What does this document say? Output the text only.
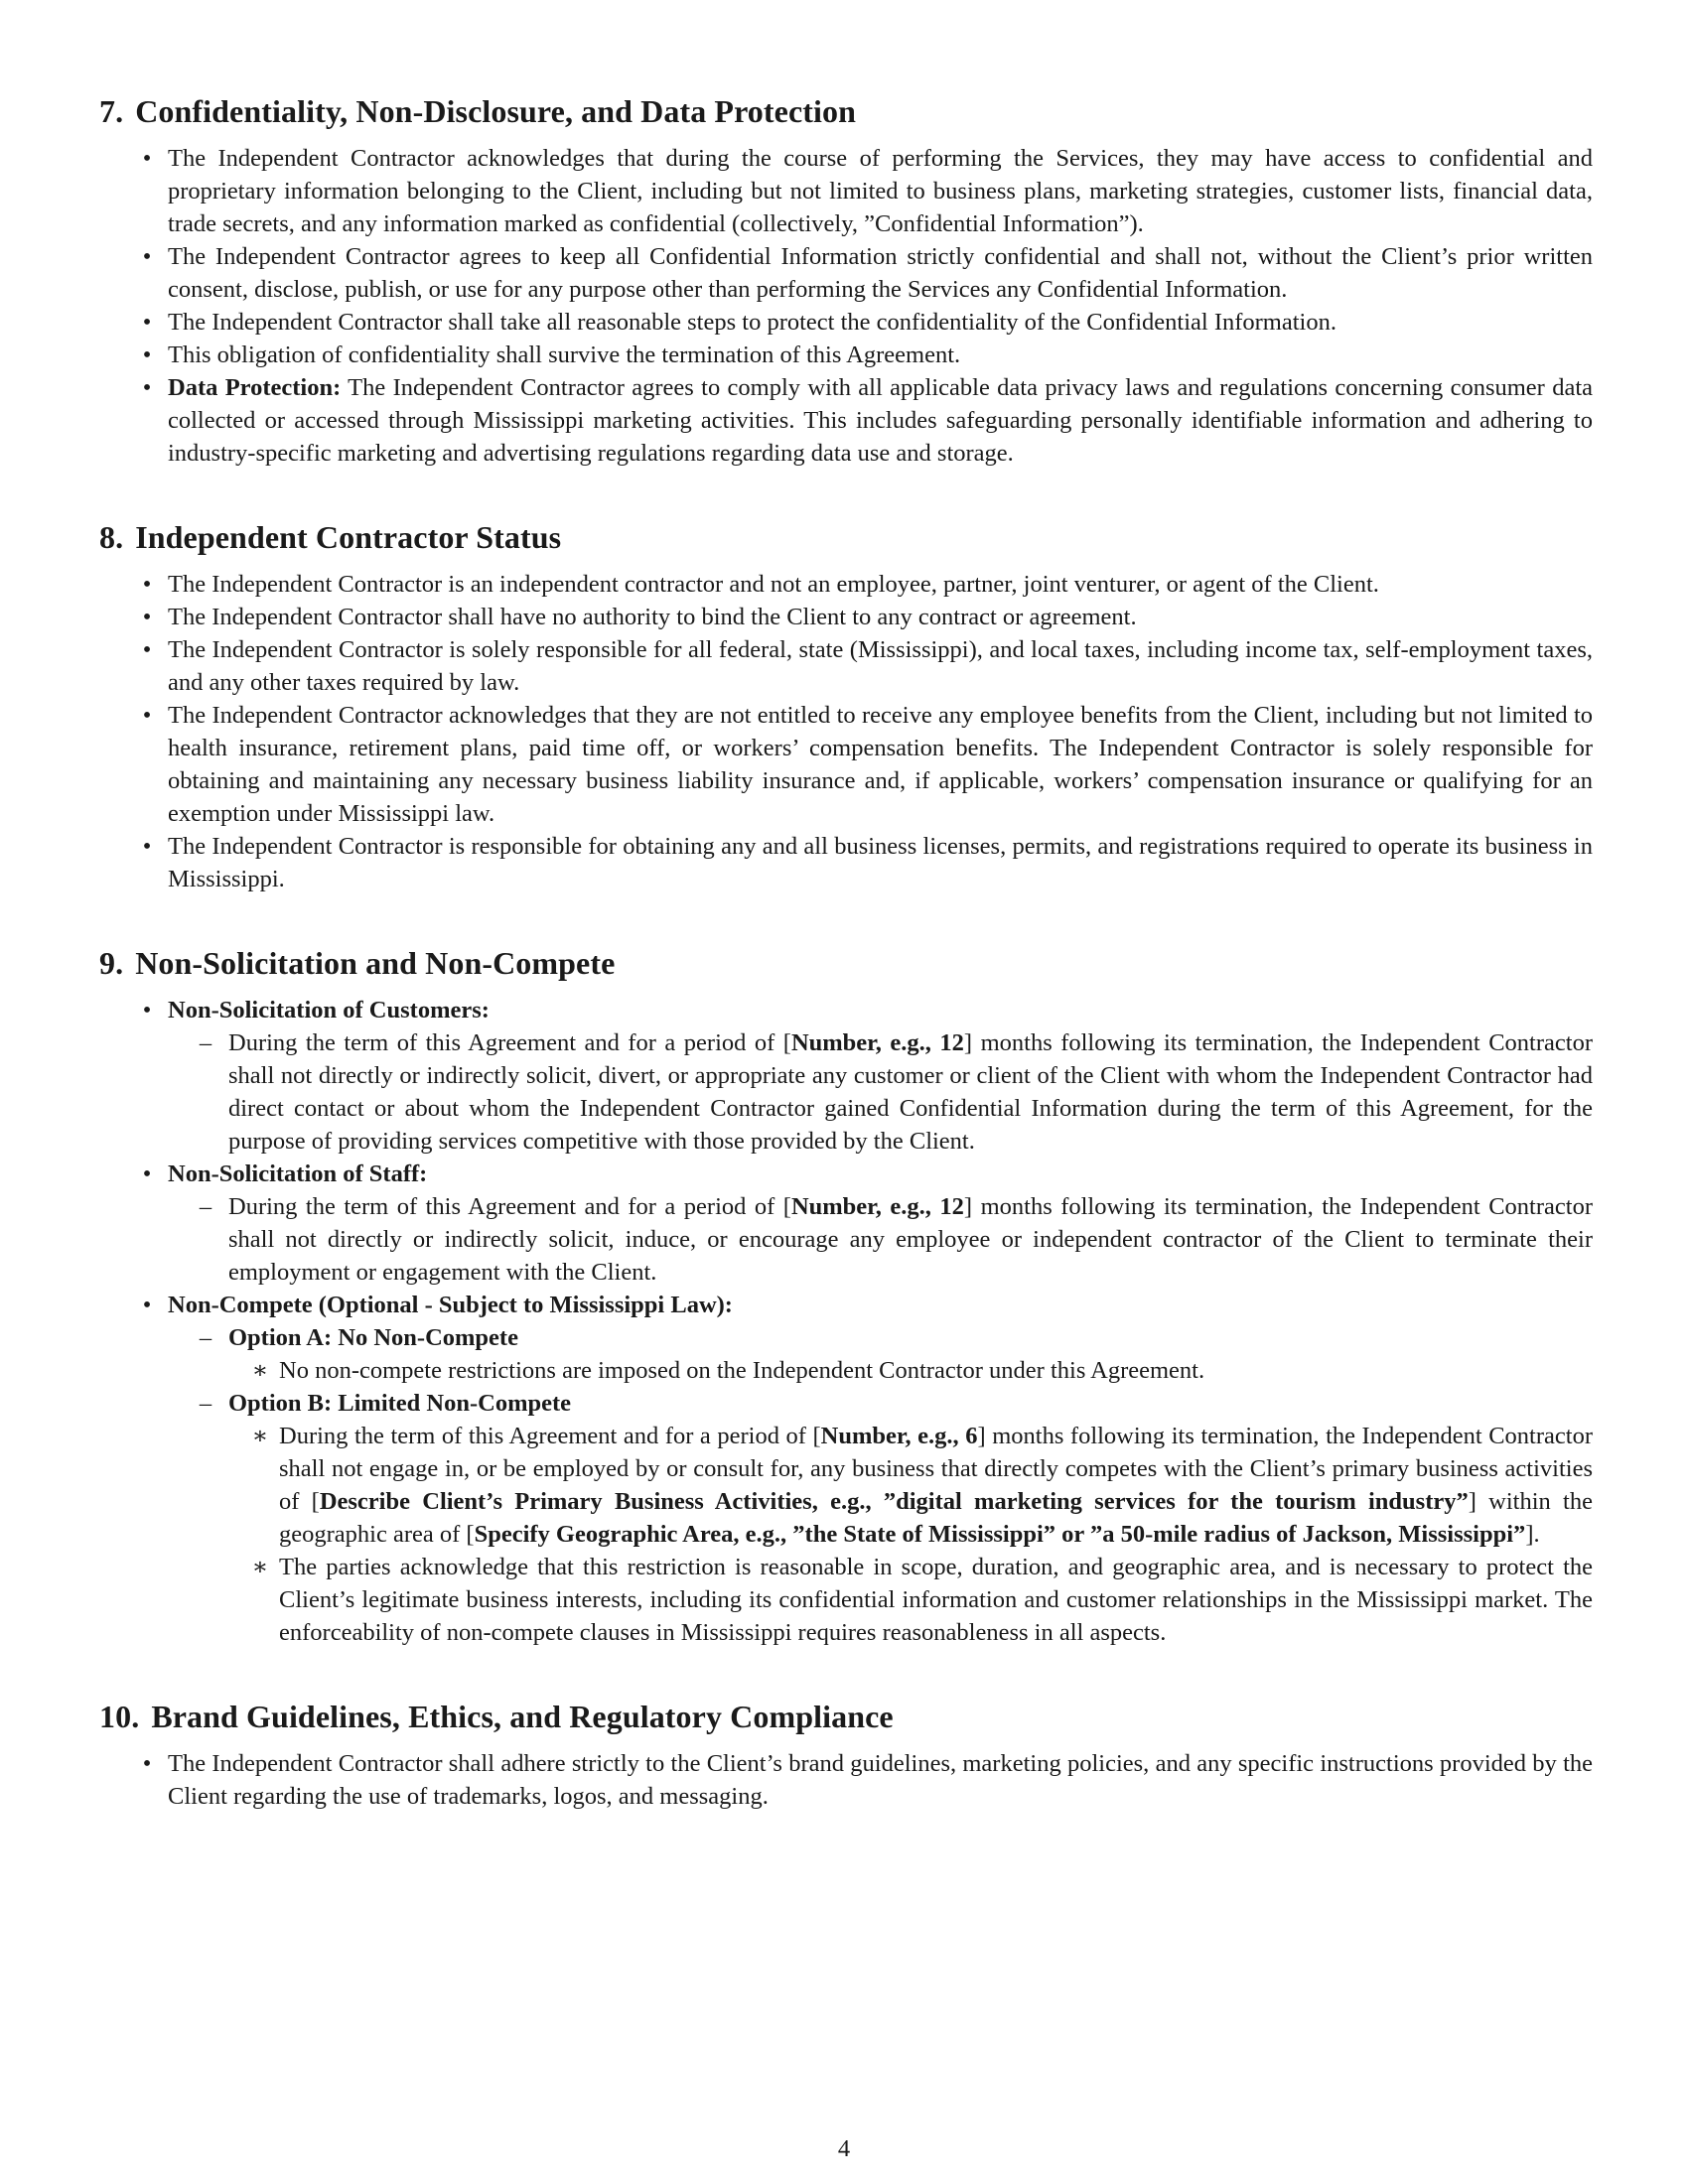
7. Confidentiality, Non-Disclosure, and Data Protection
• The Independent Contractor acknowledges that during the course of performing the Services, they may have access to confidential and proprietary information belonging to the Client, including but not limited to business plans, marketing strategies, customer lists, financial data, trade secrets, and any information marked as confidential (collectively, ”Confidential Information”).
• The Independent Contractor agrees to keep all Confidential Information strictly confidential and shall not, without the Client’s prior written consent, disclose, publish, or use for any purpose other than performing the Services any Confidential Information.
• The Independent Contractor shall take all reasonable steps to protect the confidentiality of the Confidential Information.
• This obligation of confidentiality shall survive the termination of this Agreement.
• Data Protection: The Independent Contractor agrees to comply with all applicable data privacy laws and regulations concerning consumer data collected or accessed through Mississippi marketing activities. This includes safeguarding personally identifiable information and adhering to industry-specific marketing and advertising regulations regarding data use and storage.
8. Independent Contractor Status
• The Independent Contractor is an independent contractor and not an employee, partner, joint venturer, or agent of the Client.
• The Independent Contractor shall have no authority to bind the Client to any contract or agreement.
• The Independent Contractor is solely responsible for all federal, state (Mississippi), and local taxes, including income tax, self-employment taxes, and any other taxes required by law.
• The Independent Contractor acknowledges that they are not entitled to receive any employee benefits from the Client, including but not limited to health insurance, retirement plans, paid time off, or workers’ compensation benefits. The Independent Contractor is solely responsible for obtaining and maintaining any necessary business liability insurance and, if applicable, workers’ compensation insurance or qualifying for an exemption under Mississippi law.
• The Independent Contractor is responsible for obtaining any and all business licenses, permits, and registrations required to operate its business in Mississippi.
9. Non-Solicitation and Non-Compete
• Non-Solicitation of Customers:
– During the term of this Agreement and for a period of [Number, e.g., 12] months following its termination, the Independent Contractor shall not directly or indirectly solicit, divert, or appropriate any customer or client of the Client with whom the Independent Contractor had direct contact or about whom the Independent Contractor gained Confidential Information during the term of this Agreement, for the purpose of providing services competitive with those provided by the Client.
• Non-Solicitation of Staff:
– During the term of this Agreement and for a period of [Number, e.g., 12] months following its termination, the Independent Contractor shall not directly or indirectly solicit, induce, or encourage any employee or independent contractor of the Client to terminate their employment or engagement with the Client.
• Non-Compete (Optional - Subject to Mississippi Law):
– Option A: No Non-Compete
∗ No non-compete restrictions are imposed on the Independent Contractor under this Agreement.
– Option B: Limited Non-Compete
∗ During the term of this Agreement and for a period of [Number, e.g., 6] months following its termination, the Independent Contractor shall not engage in, or be employed by or consult for, any business that directly competes with the Client’s primary business activities of [Describe Client’s Primary Business Activities, e.g., ”digital marketing services for the tourism industry”] within the geographic area of [Specify Geographic Area, e.g., ”the State of Mississippi” or ”a 50-mile radius of Jackson, Mississippi”].
∗ The parties acknowledge that this restriction is reasonable in scope, duration, and geographic area, and is necessary to protect the Client’s legitimate business interests, including its confidential information and customer relationships in the Mississippi market. The enforceability of non-compete clauses in Mississippi requires reasonableness in all aspects.
10. Brand Guidelines, Ethics, and Regulatory Compliance
• The Independent Contractor shall adhere strictly to the Client’s brand guidelines, marketing policies, and any specific instructions provided by the Client regarding the use of trademarks, logos, and messaging.
4
